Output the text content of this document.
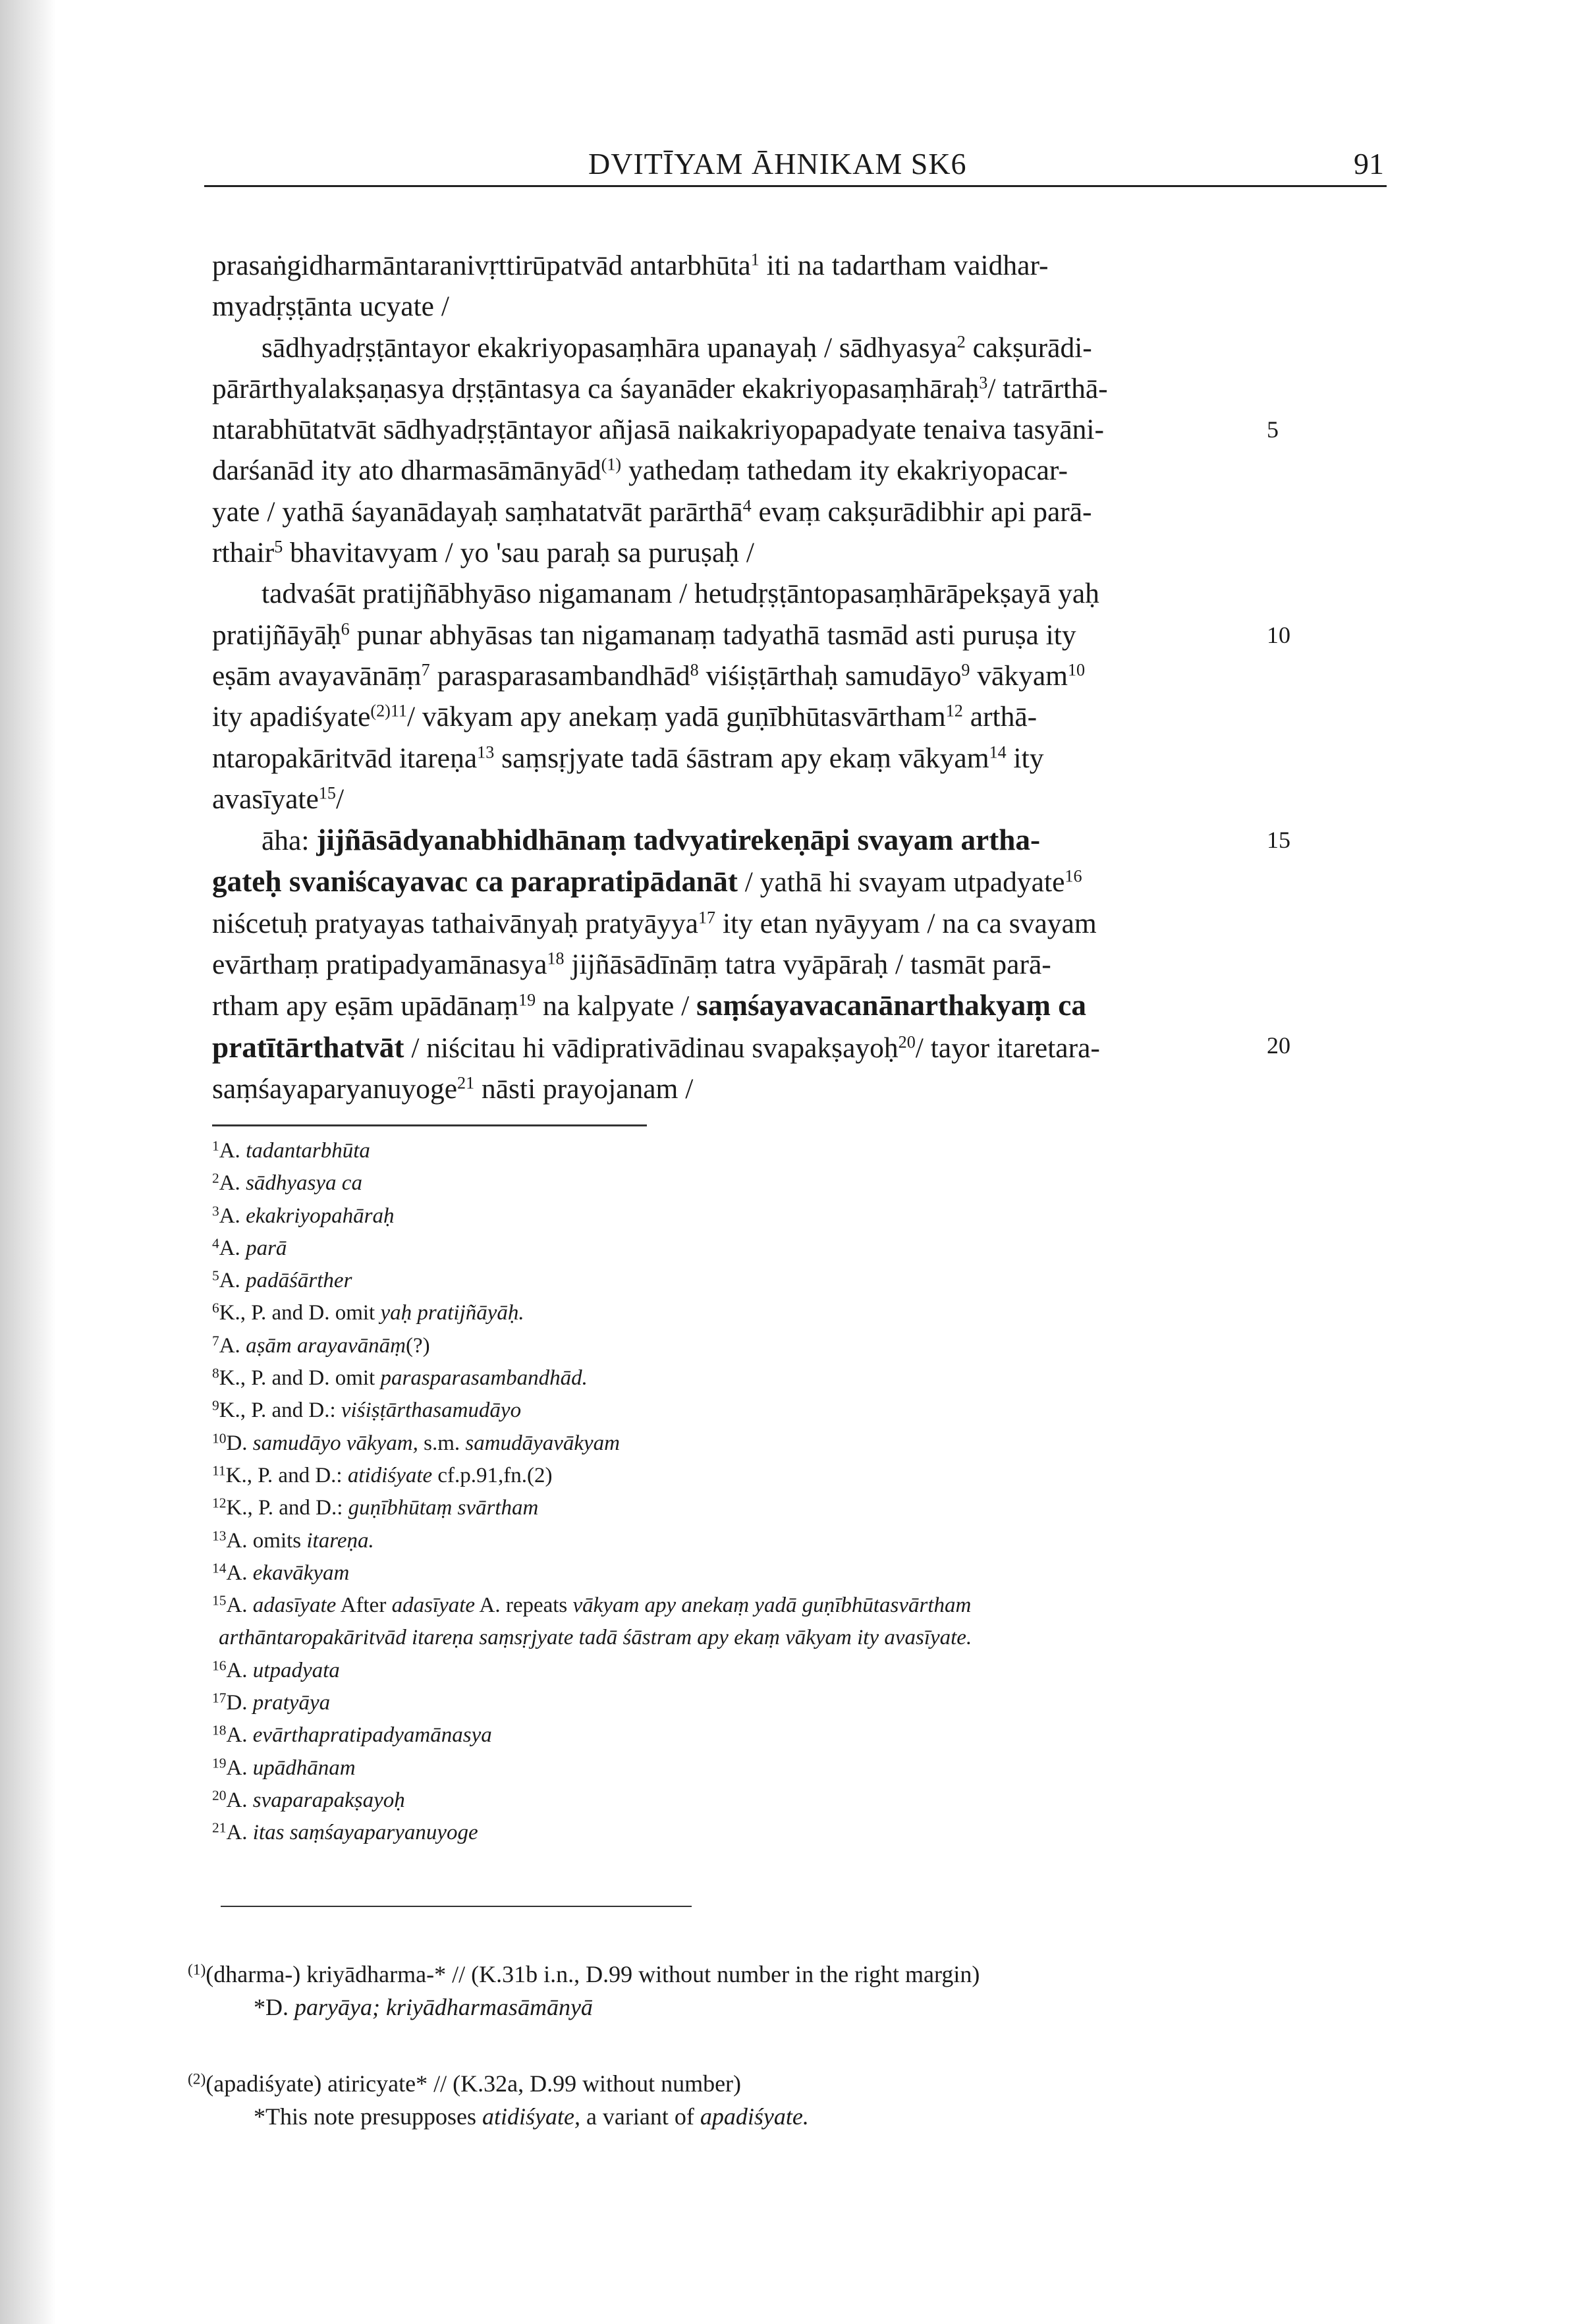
DVITĪYAM ĀHNIKAM SK6	91
prasaṅgidharmāntaranivṛttirūpatvād antarbhūta$^1$ iti na tadartham vaidhar-
myadṛṣṭānta ucyate /
sādhyadṛṣṭāntayor ekakriyopasaṃhāra upanayaḥ / sādhyasya$^2$ cakṣurādi-
pārārthyalakṣaṇasya dṛṣṭāntasya ca śayanāder ekakriyopasaṃhāraḥ$^3$/ tatrārthā-
ntarabhūtatvāt sādhyadṛṣṭāntayor añjasā naikakriyopapadyate tenaiva tasyāni-
darśanād ity ato dharmasāmānyād$^{(1)}$ yathedaṃ tathedam ity ekakriyopacar-
yate / yathā śayanādayaḥ saṃhatatvāt parārthā$^4$ evaṃ cakṣurādibhir api parā-
rthair$^5$ bhavitavyam / yo 'sau paraḥ sa puruṣaḥ /
tadvaśāt pratijñābhyāso nigamanam / hetudṛṣṭāntopasaṃhārāpekṣayā yaḥ
pratijñāyāḥ$^6$ punar abhyāsas tan nigamanaṃ tadyathā tasmād asti puruṣa ity
eṣām avayavānāṃ$^7$ parasparasambandhād$^8$ viśiṣṭārthaḥ samudāyo$^9$ vākyam$^{10}$
ity apadiśyate$^{(2)11}$/ vākyam apy anekaṃ yadā guṇībhūtasvārtham$^{12}$ arthā-
ntaropakāritvād itareṇa$^{13}$ saṃsṛjyate tadā śāstram apy ekaṃ vākyam$^{14}$ ity
avasīyate$^{15}$/
āha: jijñāsādyanabhidhānaṃ tadvyatirekeṇāpi svayam artha-
gateḥ svaniścayavac ca parapratipādanāt / yathā hi svayam utpadyate$^{16}$
niścetuḥ pratyayas tathaivānyaḥ pratyāyya$^{17}$ ity etan nyāyyam / na ca svayam
evārthaṃ pratipadyamānasya$^{18}$ jijñāsādīnāṃ tatra vyāpāraḥ / tasmāt parā-
rtham apy eṣām upādānaṃ$^{19}$ na kalpyate / saṃśayavacanānarthakyaṃ ca
pratītārthatvāt / niścitau hi vādiprativādinau svapakṣayoḥ$^{20}$/ tayor itaretara-
saṃśayaparyanuyoge$^{21}$ nāsti prayojanam /
$^1$A. tadantarbhūta
$^2$A. sādhyasya ca
$^3$A. ekakriyopahāraḥ
$^4$A. parā
$^5$A. padāśārther
$^6$K., P. and D. omit yaḥ pratijñāyāḥ.
$^7$A. aṣām arayavānāṃ(?)
$^8$K., P. and D. omit parasparasambandhād.
$^9$K., P. and D.: viśiṣṭārthasamudāyo
$^{10}$D. samudāyo vākyam, s.m. samudāyavākyam
$^{11}$K., P. and D.: atidiśyate cf.p.91,fn.(2)
$^{12}$K., P. and D.: guṇībhūtaṃ svārtham
$^{13}$A. omits itareṇa.
$^{14}$A. ekavākyam
$^{15}$A. adasīyate After adasīyate A. repeats vākyam apy anekaṃ yadā guṇībhūtasvārtham
arthāntaropakāritvād itareṇa saṃsṛjyate tadā śāstram apy ekaṃ vākyam ity avasīyate.
$^{16}$A. utpadyata
$^{17}$D. pratyāya
$^{18}$A. evārthapratipadyamānasya
$^{19}$A. upādhānam
$^{20}$A. svaparapakṣayoḥ
$^{21}$A. itas saṃśayaparyanuyoge
$^{(1)}$(dharma-) kriyādharma-* // (K.31b i.n., D.99 without number in the right margin)
*D. paryāya; kriyādharmasāmānyā
$^{(2)}$(apadiśyate) atiricyate* // (K.32a, D.99 without number)
*This note presupposes atidiśyate, a variant of apadiśyate.
5
10
15
20
